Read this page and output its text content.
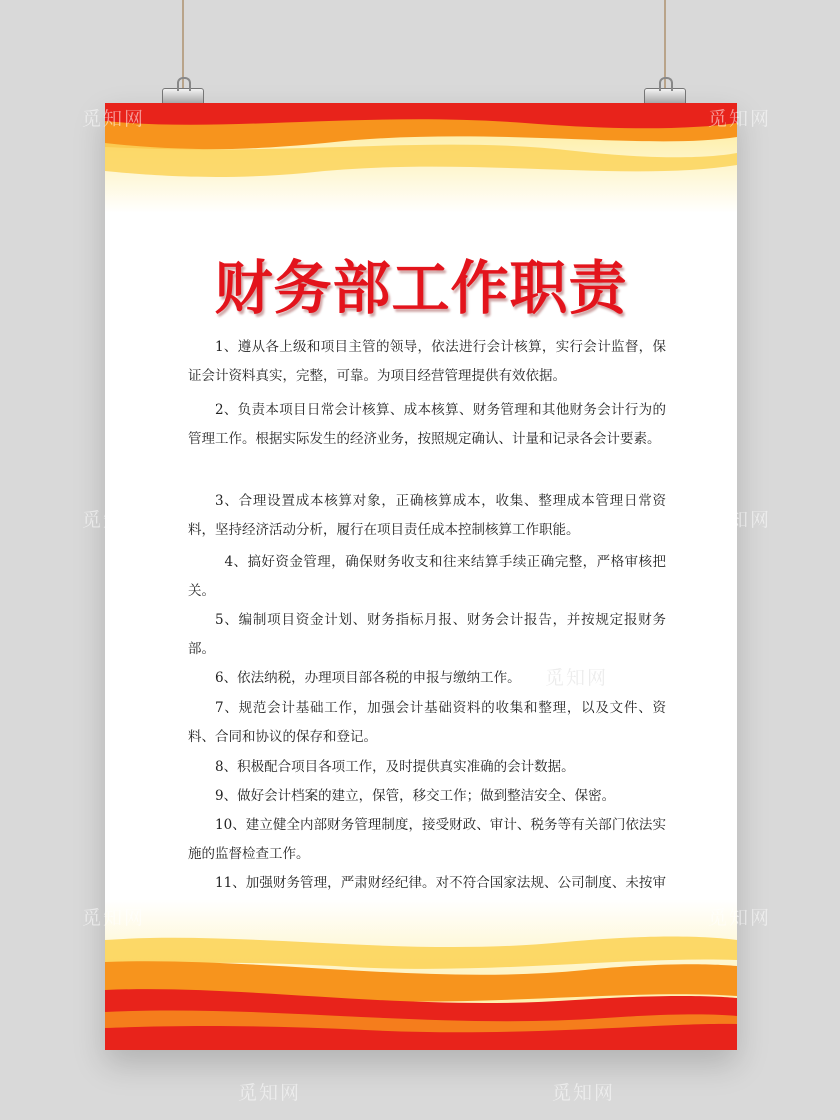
财务部工作职责
1、遵从各上级和项目主管的领导，依法进行会计核算，实行会计监督，保证会计资料真实，完整，可靠。为项目经营管理提供有效依据。
2、负责本项目日常会计核算、成本核算、财务管理和其他财务会计行为的管理工作。根据实际发生的经济业务，按照规定确认、计量和记录各会计要素。
3、合理设置成本核算对象，正确核算成本，收集、整理成本管理日常资料，坚持经济活动分析，履行在项目责任成本控制核算工作职能。
4、搞好资金管理，确保财务收支和往来结算手续正确完整，严格审核把关。
5、编制项目资金计划、财务指标月报、财务会计报告，并按规定报财务部。
6、依法纳税，办理项目部各税的申报与缴纳工作。
7、规范会计基础工作，加强会计基础资料的收集和整理，以及文件、资料、合同和协议的保存和登记。
8、积极配合项目各项工作，及时提供真实准确的会计数据。
9、做好会计档案的建立，保管，移交工作；做到整洁安全、保密。
10、建立健全内部财务管理制度，接受财政、审计、税务等有关部门依法实施的监督检查工作。
11、加强财务管理，严肃财经纪律。对不符合国家法规、公司制度、未按审
觅知网
觅知网	觅知网
觅知网	觅知网
觅知网	觅知网
觅知网	觅知网
